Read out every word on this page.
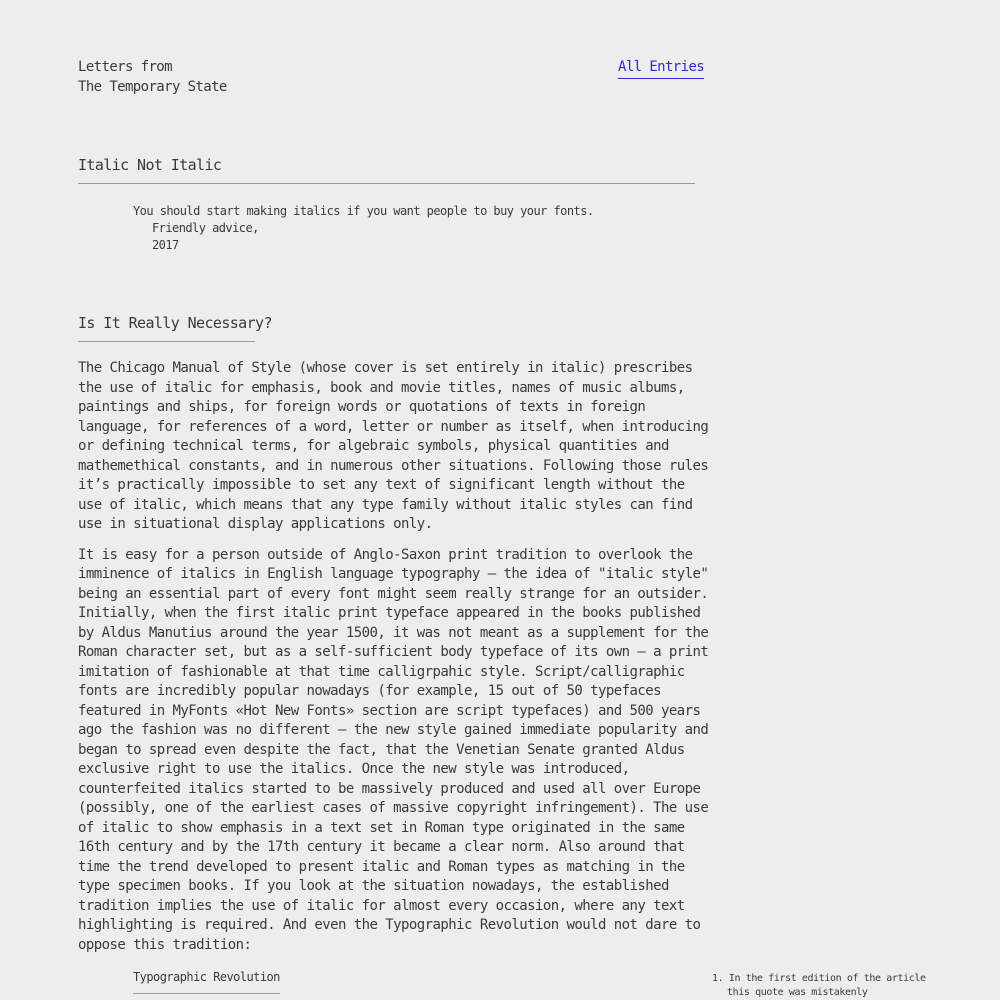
Letters from
The Temporary State
All Entries
Italic Not Italic
You should start making italics if you want people to buy your fonts.
Friendly advice,
2017
Is It Really Necessary?

The Chicago Manual of Style (whose cover is set entirely in italic) prescribes
the use of italic for emphasis, book and movie titles, names of music albums,
paintings and ships, for foreign words or quotations of texts in foreign
language, for references of a word, letter or number as itself, when introducing
or defining technical terms, for algebraic symbols, physical quantities and
mathemethical constants, and in numerous other situations. Following those rules
it’s practically impossible to set any text of significant length without the
use of italic, which means that any type family without italic styles can find
use in situational display applications only.

It is easy for a person outside of Anglo-Saxon print tradition to overlook the
imminence of italics in English language typography — the idea of "italic style"
being an essential part of every font might seem really strange for an outsider.
Initially, when the first italic print typeface appeared in the books published
by Aldus Manutius around the year 1500, it was not meant as a supplement for the
Roman character set, but as a self-sufficient body typeface of its own — a print
imitation of fashionable at that time calligrpahic style. Script/calligraphic
fonts are incredibly popular nowadays (for example, 15 out of 50 typefaces
featured in MyFonts «Hot New Fonts» section are script typefaces) and 500 years
ago the fashion was no different — the new style gained immediate popularity and
began to spread even despite the fact, that the Venetian Senate granted Aldus
exclusive right to use the italics. Once the new style was introduced,
counterfeited italics started to be massively produced and used all over Europe
(possibly, one of the earliest cases of massive copyright infringement). The use
of italic to show emphasis in a text set in Roman type originated in the same
16th century and by the 17th century it became a clear norm. Also around that
time the trend developed to present italic and Roman types as matching in the
type specimen books. If you look at the situation nowadays, the established
tradition implies the use of italic for almost every occasion, where any text
highlighting is required. And even the Typographic Revolution would not dare to
oppose this tradition:

Typographic Revolution	1. In the first edition of the article
this quote was mistakenly
